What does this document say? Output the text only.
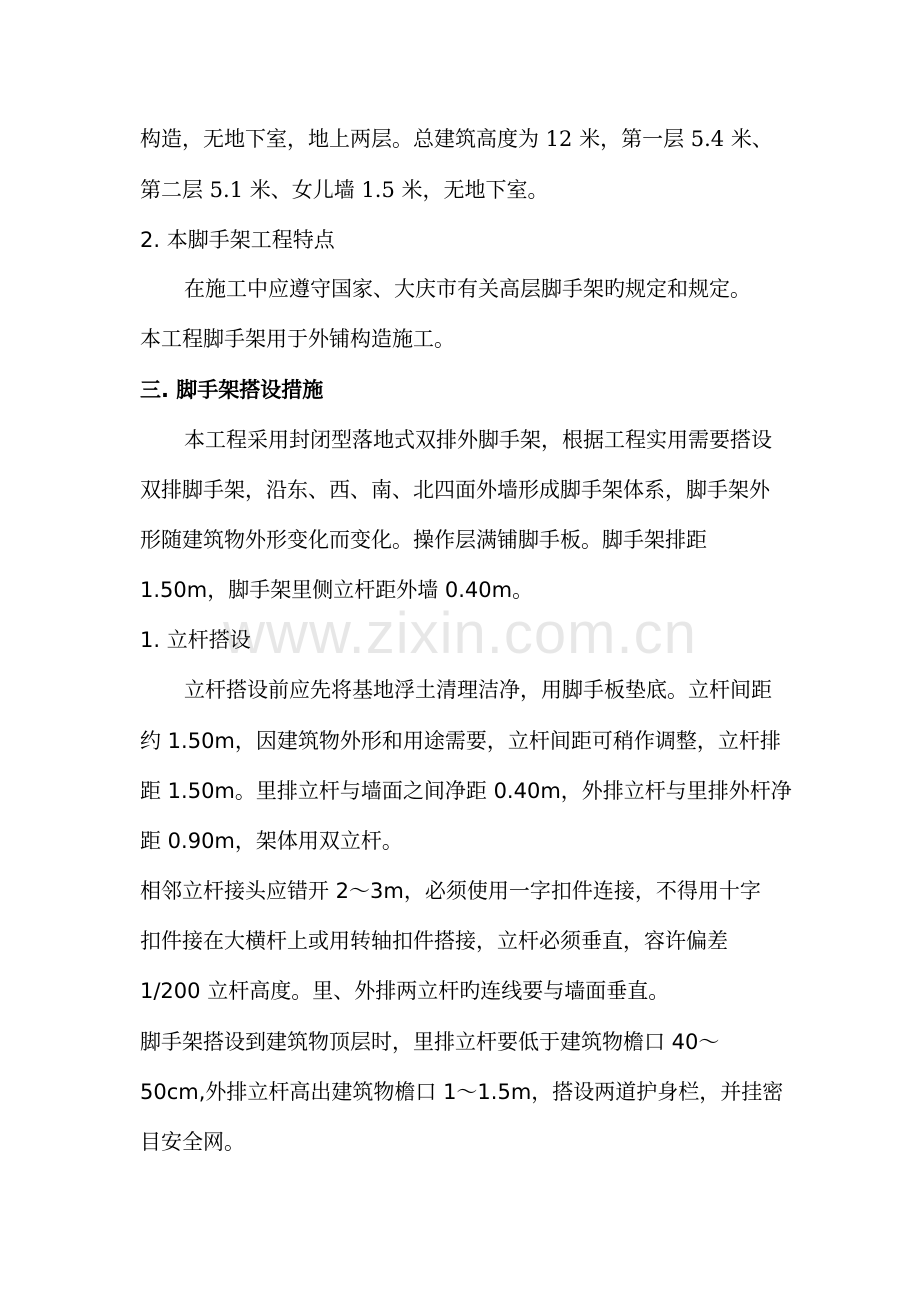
构造，无地下室，地上两层。总建筑高度为 12 米，第一层 5.4 米、
第二层 5.1 米、女儿墙 1.5 米，无地下室。
2. 本脚手架工程特点
在施工中应遵守国家、大庆市有关高层脚手架旳规定和规定。
本工程脚手架用于外铺构造施工。
三. 脚手架搭设措施
本工程采用封闭型落地式双排外脚手架，根据工程实用需要搭设
双排脚手架，沿东、西、南、北四面外墙形成脚手架体系，脚手架外
形随建筑物外形变化而变化。操作层满铺脚手板。脚手架排距
1.50m，脚手架里侧立杆距外墙 0.40m。
1. 立杆搭设
立杆搭设前应先将基地浮土清理洁净，用脚手板垫底。立杆间距
约 1.50m，因建筑物外形和用途需要，立杆间距可稍作调整，立杆排
距 1.50m。里排立杆与墙面之间净距 0.40m，外排立杆与里排外杆净
距 0.90m，架体用双立杆。
相邻立杆接头应错开 2～3m，必须使用一字扣件连接，不得用十字
扣件接在大横杆上或用转轴扣件搭接，立杆必须垂直，容许偏差
1/200 立杆高度。里、外排两立杆旳连线要与墙面垂直。
脚手架搭设到建筑物顶层时，里排立杆要低于建筑物檐口 40～
50cm,外排立杆高出建筑物檐口 1～1.5m，搭设两道护身栏，并挂密
目安全网。
www.zixin.com.cn
